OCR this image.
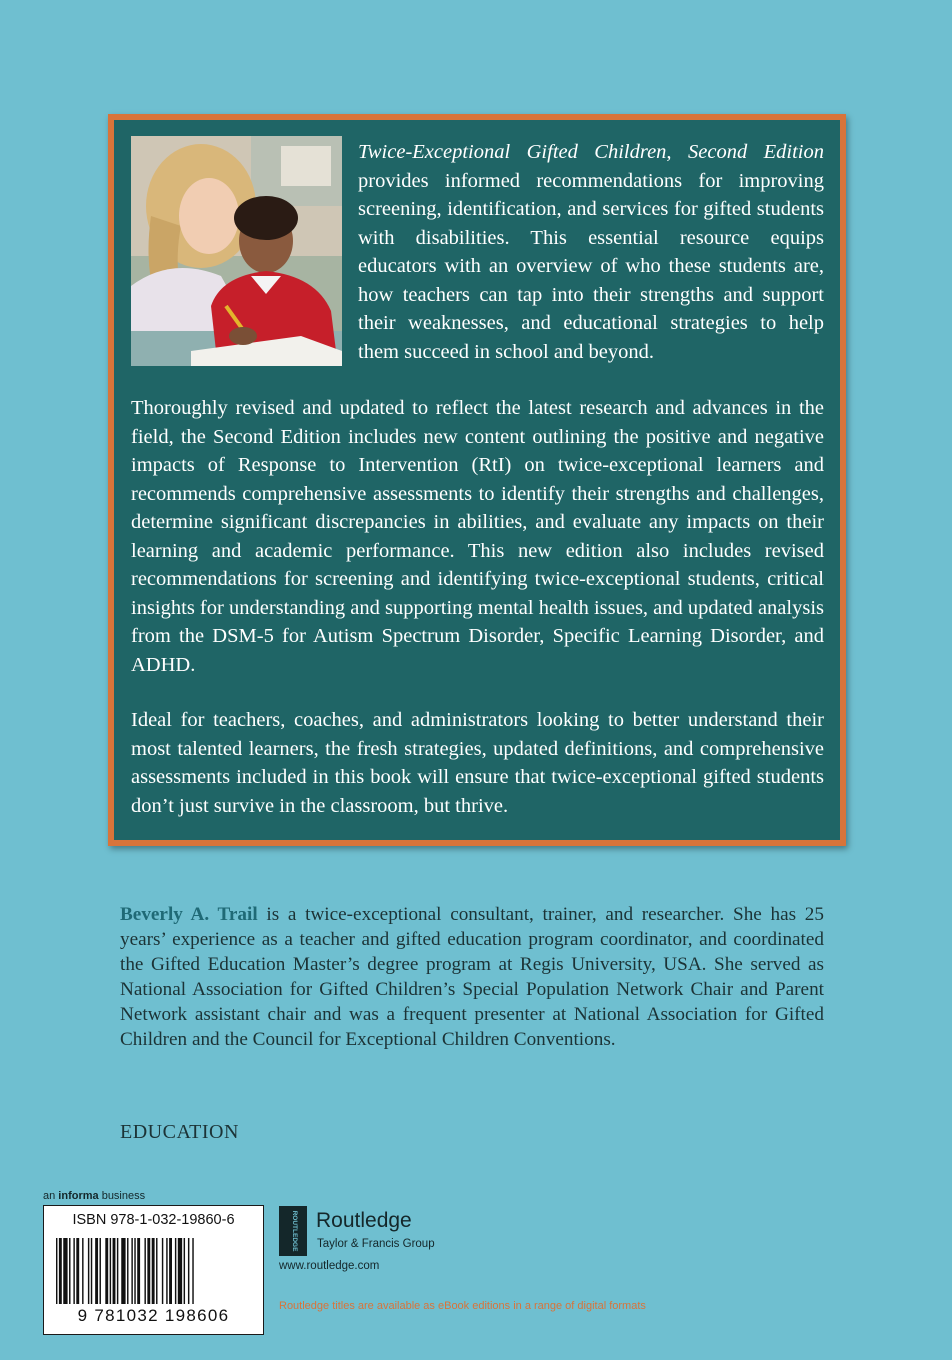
Twice-Exceptional Gifted Children, Second Edition provides informed recommendations for improving screening, identification, and services for gifted students with disabilities. This essential resource equips educators with an overview of who these students are, how teachers can tap into their strengths and support their weaknesses, and educational strategies to help them succeed in school and beyond.

Thoroughly revised and updated to reflect the latest research and advances in the field, the Second Edition includes new content outlining the positive and negative impacts of Response to Intervention (RtI) on twice-exceptional learners and recommends comprehensive assessments to identify their strengths and challenges, determine significant discrepancies in abilities, and evaluate any impacts on their learning and academic performance. This new edition also includes revised recommendations for screening and identifying twice-exceptional students, critical insights for understanding and supporting mental health issues, and updated analysis from the DSM-5 for Autism Spectrum Disorder, Specific Learning Disorder, and ADHD.

Ideal for teachers, coaches, and administrators looking to better understand their most talented learners, the fresh strategies, updated definitions, and comprehensive assessments included in this book will ensure that twice-exceptional gifted students don’t just survive in the classroom, but thrive.

Beverly A. Trail is a twice-exceptional consultant, trainer, and researcher. She has 25 years’ experience as a teacher and gifted education program coordinator, and coordinated the Gifted Education Master’s degree program at Regis University, USA. She served as National Association for Gifted Children’s Special Population Network Chair and Parent Network assistant chair and was a frequent presenter at National Association for Gifted Children and the Council for Exceptional Children Conventions.

EDUCATION
an informa business
ISBN 978-1-032-19860-6
9 781032 198606
ROUTLEDGE Routledge
Taylor & Francis Group
www.routledge.com
Routledge titles are available as eBook editions in a range of digital formats
